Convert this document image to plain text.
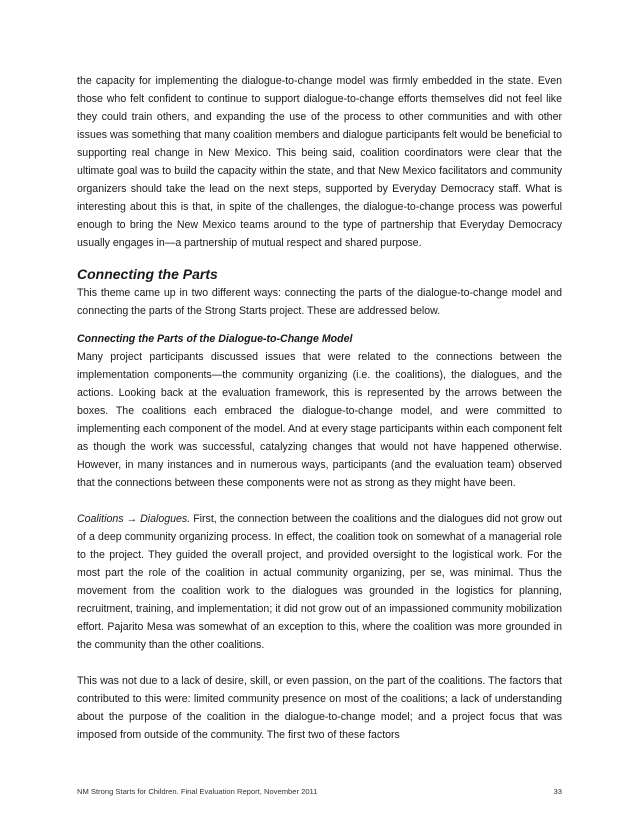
the capacity for implementing the dialogue-to-change model was firmly embedded in the state. Even those who felt confident to continue to support dialogue-to-change efforts themselves did not feel like they could train others, and expanding the use of the process to other communities and with other issues was something that many coalition members and dialogue participants felt would be beneficial to supporting real change in New Mexico. This being said, coalition coordinators were clear that the ultimate goal was to build the capacity within the state, and that New Mexico facilitators and community organizers should take the lead on the next steps, supported by Everyday Democracy staff. What is interesting about this is that, in spite of the challenges, the dialogue-to-change process was powerful enough to bring the New Mexico teams around to the type of partnership that Everyday Democracy usually engages in—a partnership of mutual respect and shared purpose.

Connecting the Parts

This theme came up in two different ways: connecting the parts of the dialogue-to-change model and connecting the parts of the Strong Starts project. These are addressed below.

Connecting the Parts of the Dialogue-to-Change Model

Many project participants discussed issues that were related to the connections between the implementation components—the community organizing (i.e. the coalitions), the dialogues, and the actions. Looking back at the evaluation framework, this is represented by the arrows between the boxes. The coalitions each embraced the dialogue-to-change model, and were committed to implementing each component of the model. And at every stage participants within each component felt as though the work was successful, catalyzing changes that would not have happened otherwise. However, in many instances and in numerous ways, participants (and the evaluation team) observed that the connections between these components were not as strong as they might have been.

Coalitions → Dialogues. First, the connection between the coalitions and the dialogues did not grow out of a deep community organizing process. In effect, the coalition took on somewhat of a managerial role to the project. They guided the overall project, and provided oversight to the logistical work. For the most part the role of the coalition in actual community organizing, per se, was minimal. Thus the movement from the coalition work to the dialogues was grounded in the logistics for planning, recruitment, training, and implementation; it did not grow out of an impassioned community mobilization effort. Pajarito Mesa was somewhat of an exception to this, where the coalition was more grounded in the community than the other coalitions.

This was not due to a lack of desire, skill, or even passion, on the part of the coalitions. The factors that contributed to this were: limited community presence on most of the coalitions; a lack of understanding about the purpose of the coalition in the dialogue-to-change model; and a project focus that was imposed from outside of the community. The first two of these factors

NM Strong Starts for Children. Final Evaluation Report, November 2011	33
